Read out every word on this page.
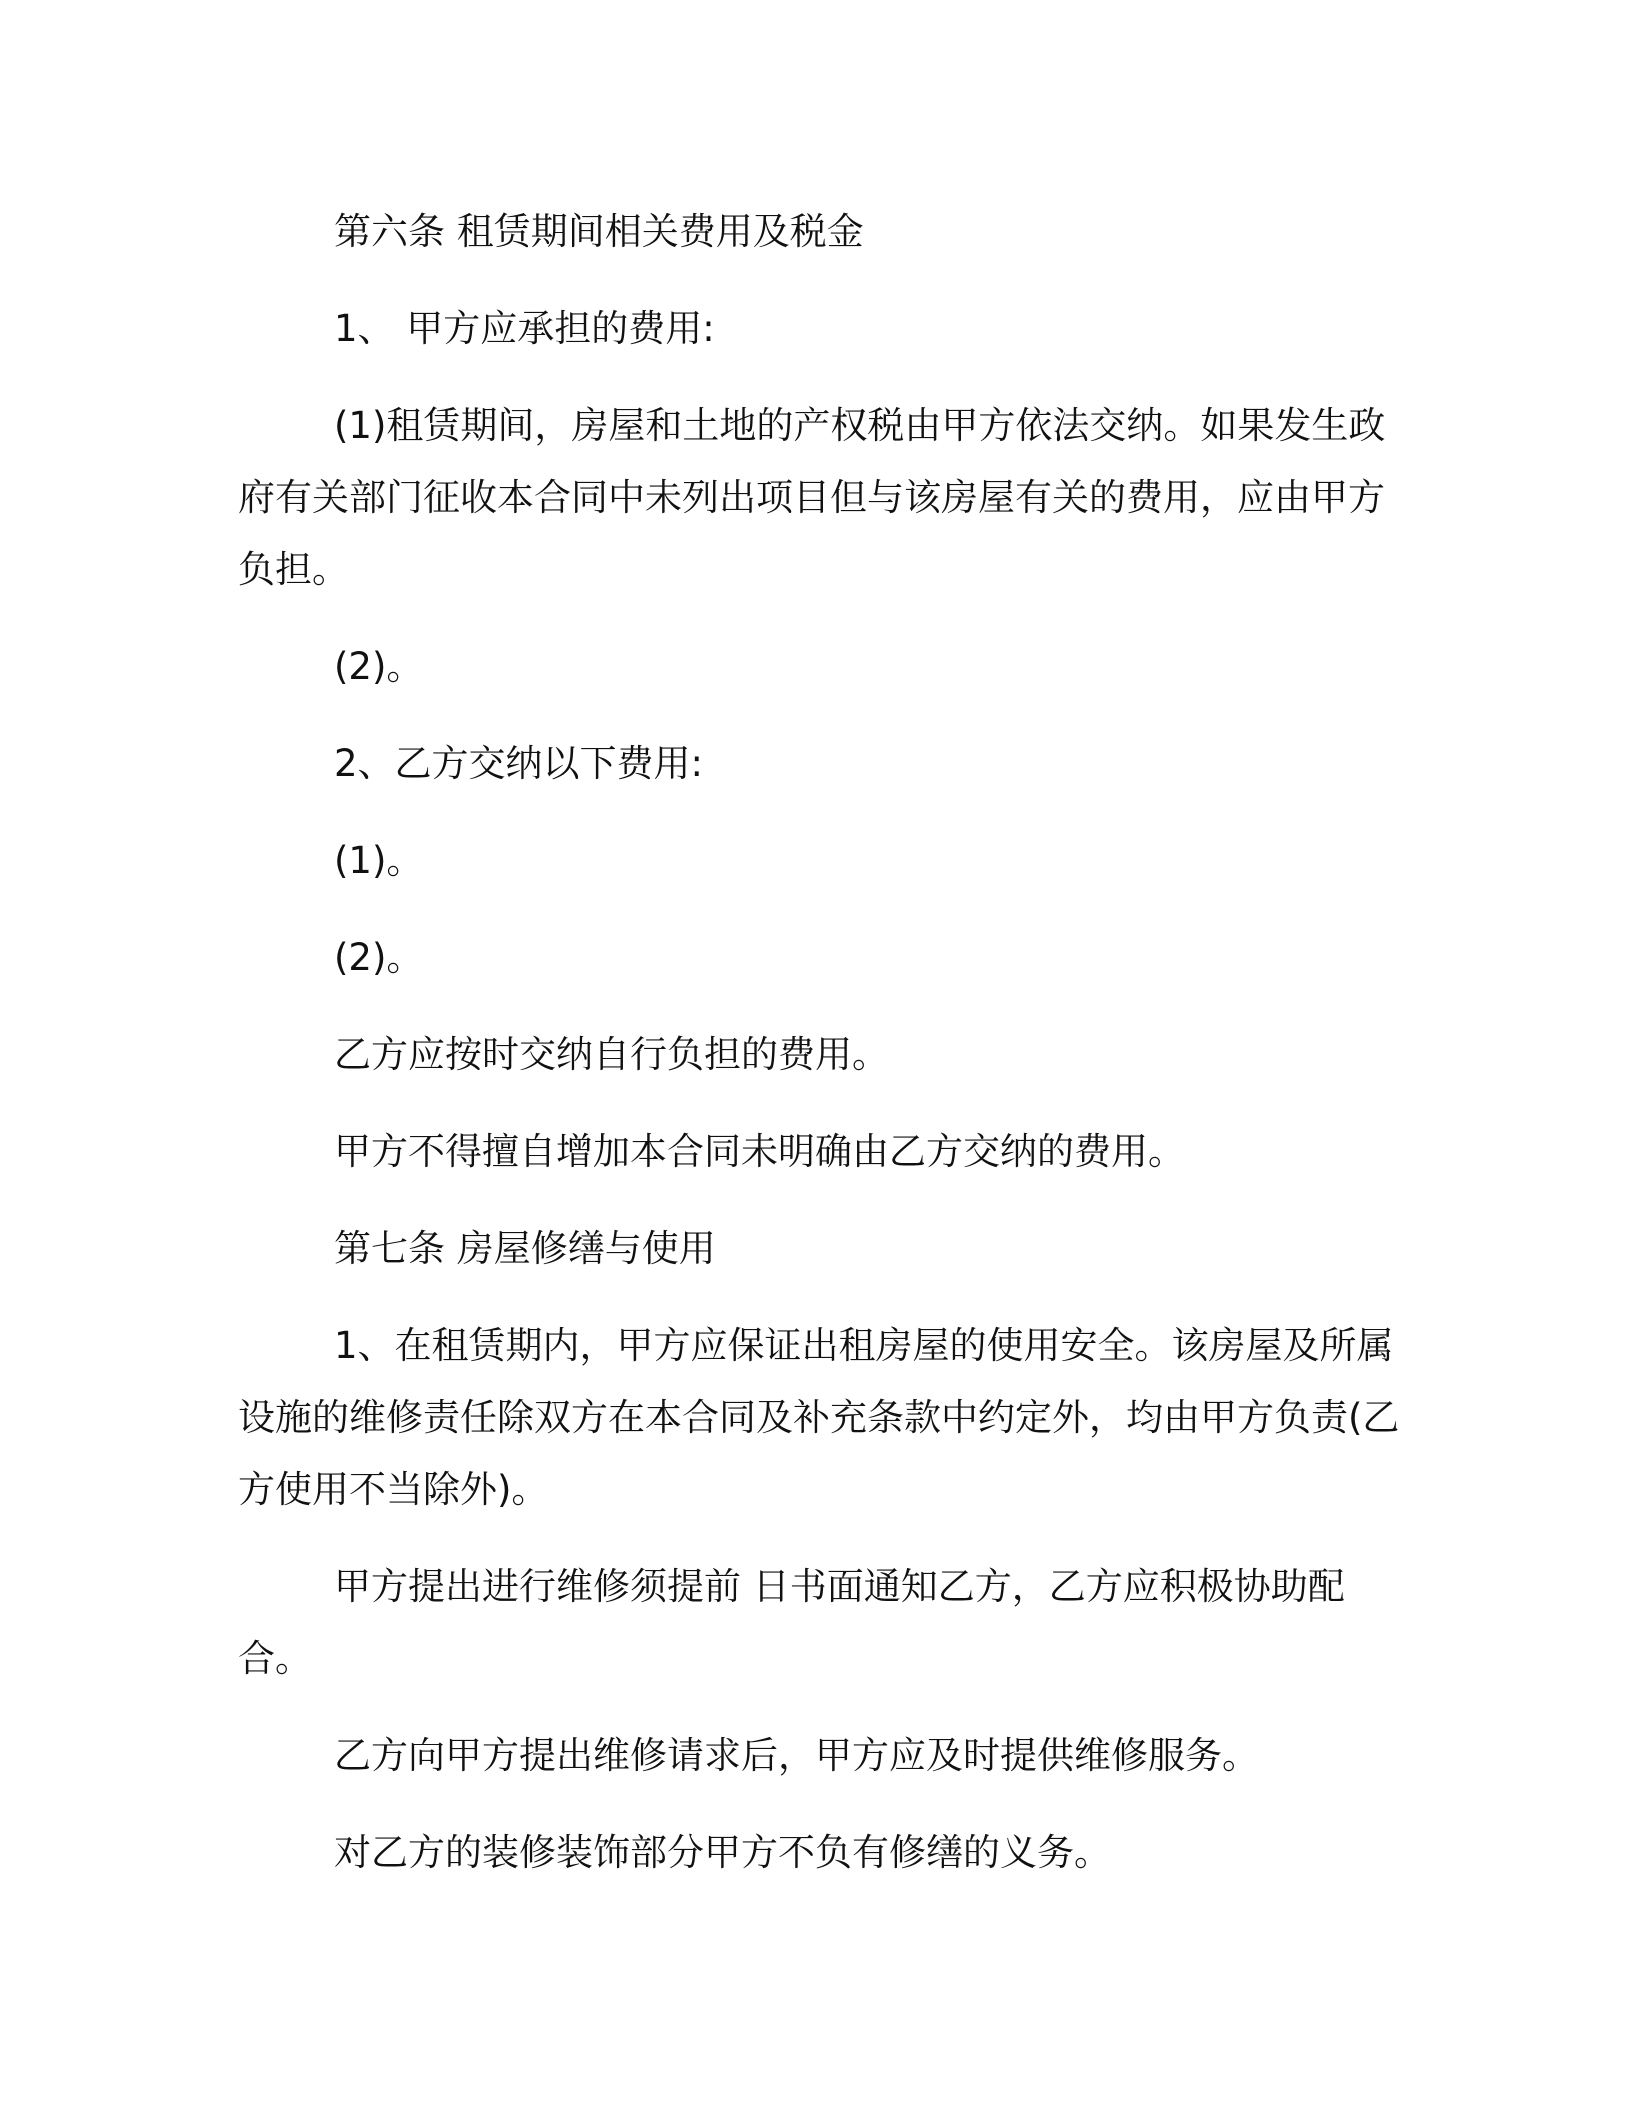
第六条 租赁期间相关费用及税金

1、 甲方应承担的费用:

(1)租赁期间，房屋和土地的产权税由甲方依法交纳。如果发生政府有关部门征收本合同中未列出项目但与该房屋有关的费用，应由甲方负担。

(2)。

2、乙方交纳以下费用:

(1)。

(2)。

乙方应按时交纳自行负担的费用。

甲方不得擅自增加本合同未明确由乙方交纳的费用。

第七条 房屋修缮与使用

1、在租赁期内，甲方应保证出租房屋的使用安全。该房屋及所属设施的维修责任除双方在本合同及补充条款中约定外，均由甲方负责(乙方使用不当除外)。

甲方提出进行维修须提前 日书面通知乙方，乙方应积极协助配合。

乙方向甲方提出维修请求后，甲方应及时提供维修服务。

对乙方的装修装饰部分甲方不负有修缮的义务。
